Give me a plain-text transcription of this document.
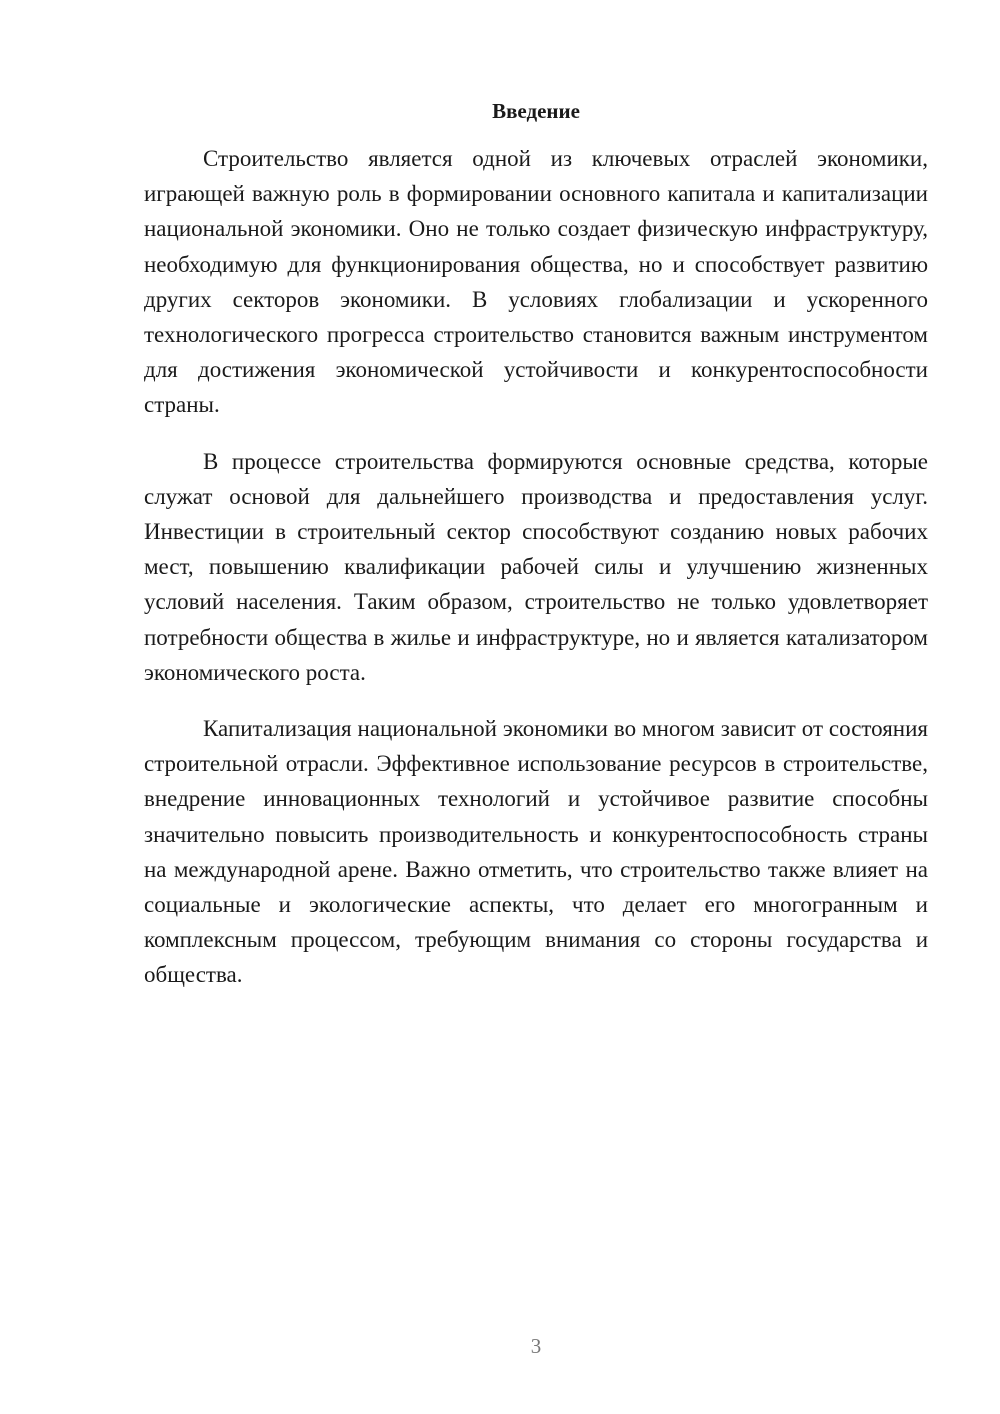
Введение

Строительство является одной из ключевых отраслей экономики, играющей важную роль в формировании основного капитала и капитализации национальной экономики. Оно не только создает физическую инфраструктуру, необходимую для функционирования общества, но и способствует развитию других секторов экономики. В условиях глобализации и ускоренного технологического прогресса строительство становится важным инструментом для достижения экономической устойчивости и конкурентоспособности страны.

В процессе строительства формируются основные средства, которые служат основой для дальнейшего производства и предоставления услуг. Инвестиции в строительный сектор способствуют созданию новых рабочих мест, повышению квалификации рабочей силы и улучшению жизненных условий населения. Таким образом, строительство не только удовлетворяет потребности общества в жилье и инфраструктуре, но и является катализатором экономического роста.

Капитализация национальной экономики во многом зависит от состояния строительной отрасли. Эффективное использование ресурсов в строительстве, внедрение инновационных технологий и устойчивое развитие способны значительно повысить производительность и конкурентоспособность страны на международной арене. Важно отметить, что строительство также влияет на социальные и экологические аспекты, что делает его многогранным и комплексным процессом, требующим внимания со стороны государства и общества.

3
